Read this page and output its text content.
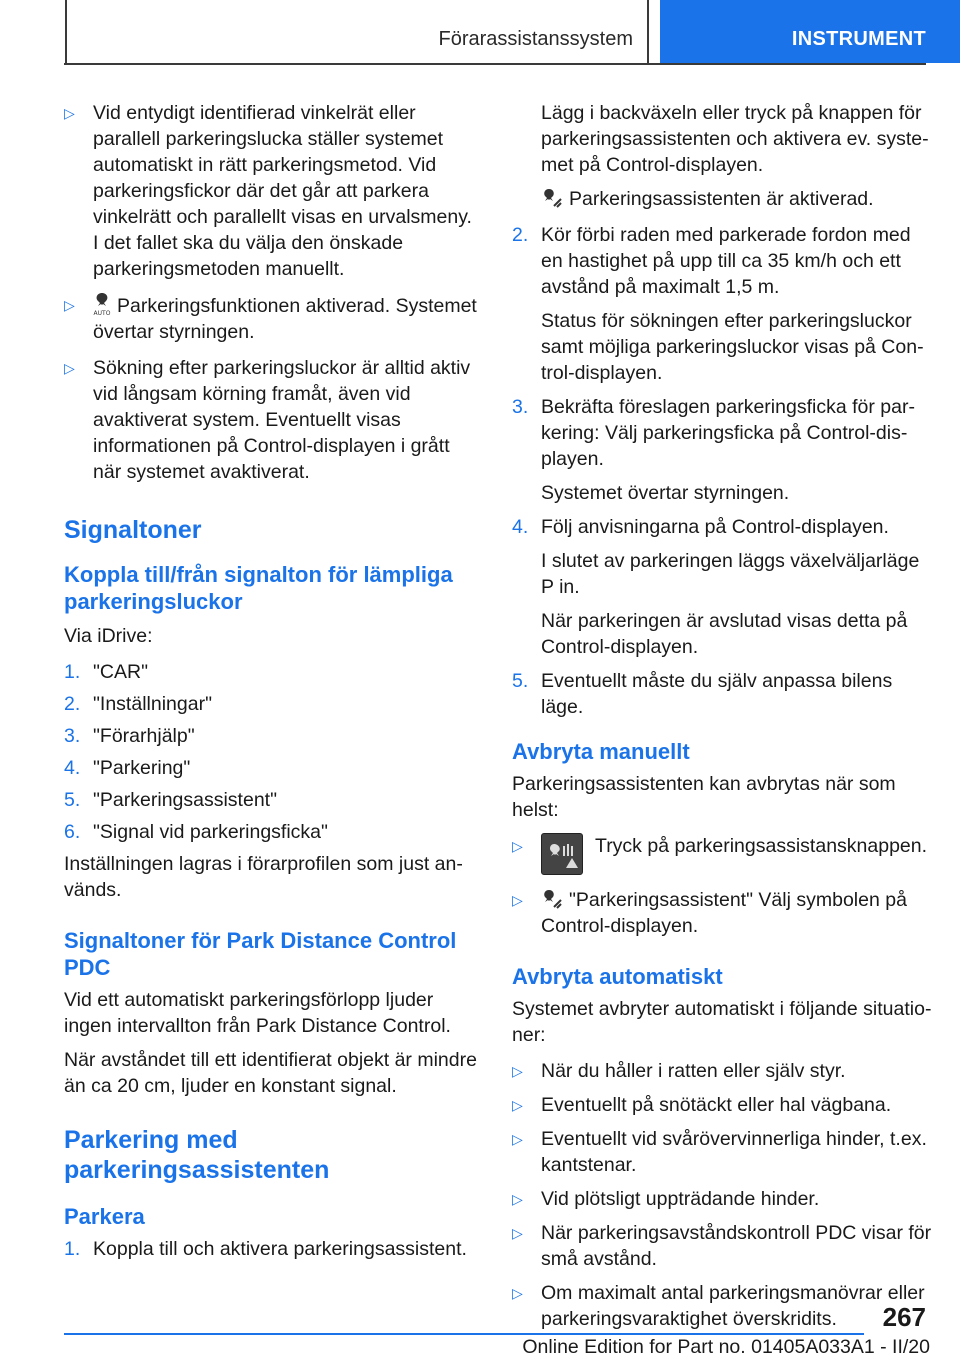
Förarassistanssystem	INSTRUMENT
▷ Vid entydigt identifierad vinkelrät eller parallell parkeringslucka ställer systemet automatiskt in rätt parkeringsmetod. Vid parkeringsfickor där det går att parkera vinkelrätt och parallellt visas en urvalsmeny. I det fallet ska du välja den önskade parkeringsmetoden manuellt.
▷
AUTO Parkeringsfunktionen aktiverad. Systemet övertar styrningen.
▷ Sökning efter parkeringsluckor är alltid aktiv vid långsam körning framåt, även vid avaktiverat system. Eventuellt visas informationen på Control-displayen i grått när systemet avaktiverat.
Signaltoner
Koppla till/från signalton för lämpliga parkeringsluckor

Via iDrive:

1. "CAR"
2. "Inställningar"
3. "Förarhjälp"
4. "Parkering"
5. "Parkeringsassistent"
6. "Signal vid parkeringsficka"

Inställningen lagras i förarprofilen som just används.

Signaltoner för Park Distance Control PDC

Vid ett automatiskt parkeringsförlopp ljuder ingen intervallton från Park Distance Control.

När avståndet till ett identifierat objekt är mindre än ca 20 cm, ljuder en konstant signal.

Parkering med parkeringsassistenten
Parkera
1. Koppla till och aktivera parkeringsassistent.

Lägg i backväxeln eller tryck på knappen för parkeringsassistenten och aktivera ev. systemet på Control-displayen.

Parkeringsassistenten är aktiverad.

2. Kör förbi raden med parkerade fordon med en hastighet på upp till ca 35 km/h och ett avstånd på maximalt 1,5 m.

Status för sökningen efter parkeringsluckor samt möjliga parkeringsluckor visas på Control-displayen.

3. Bekräfta föreslagen parkeringsficka för parkering: Välj parkeringsficka på Control-displayen.

Systemet övertar styrningen.

4. Följ anvisningarna på Control-displayen.

I slutet av parkeringen läggs växelväljarläge P in.

När parkeringen är avslutad visas detta på Control-displayen.

5. Eventuellt måste du själv anpassa bilens läge.
Avbryta manuellt

Parkeringsassistenten kan avbrytas när som helst:

▷	Tryck på parkeringsassistansknappen.
▷	"Parkeringsassistent" Välj symbolen på Control-displayen.
Avbryta automatiskt

Systemet avbryter automatiskt i följande situationer:

▷ När du håller i ratten eller själv styr.
▷ Eventuellt på snötäckt eller hal vägbana.
▷ Eventuellt vid svårövervinnerliga hinder, t.ex. kantstenar.
▷ Vid plötsligt uppträdande hinder.
▷ När parkeringsavståndskontroll PDC visar för små avstånd.
▷ Om maximalt antal parkeringsmanövrar eller parkeringsvaraktighet överskridits.	267
Online Edition for Part no. 01405A033A1 - II/20
